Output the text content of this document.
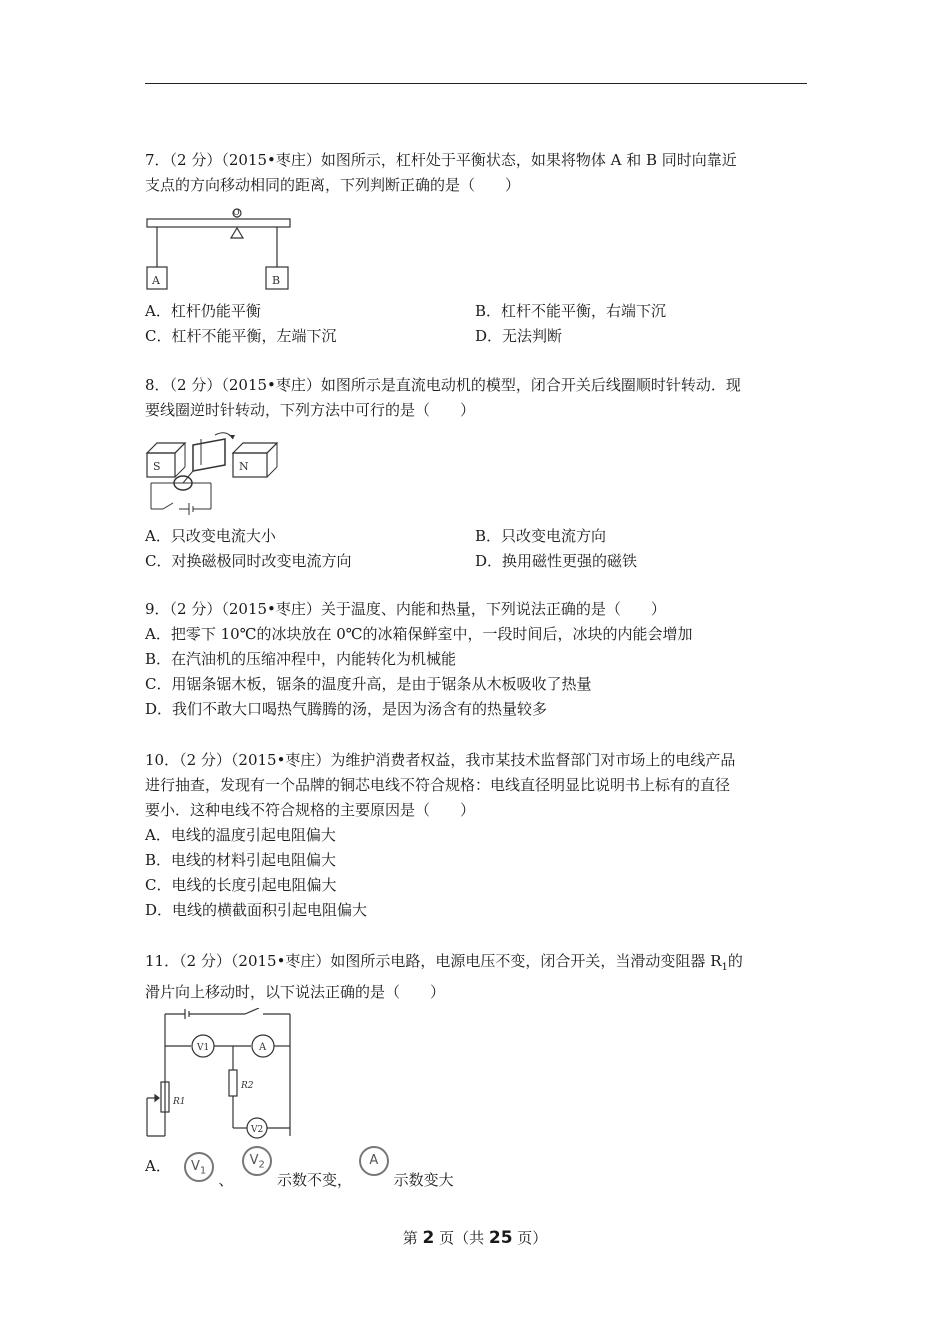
7．（2 分）（2015•枣庄）如图所示，杠杆处于平衡状态，如果将物体 A 和 B 同时向靠近
支点的方向移动相同的距离，下列判断正确的是（　　）
O
A	B
A．杠杆仍能平衡	B．杠杆不能平衡，右端下沉
C．杠杆不能平衡，左端下沉	D．无法判断
8．（2 分）（2015•枣庄）如图所示是直流电动机的模型，闭合开关后线圈顺时针转动．现
要线圈逆时针转动，下列方法中可行的是（　　）
S	N
A．只改变电流大小	B．只改变电流方向
C．对换磁极同时改变电流方向	D．换用磁性更强的磁铁
9．（2 分）（2015•枣庄）关于温度、内能和热量，下列说法正确的是（　　）
A．把零下 10℃的冰块放在 0℃的冰箱保鲜室中，一段时间后，冰块的内能会增加
B．在汽油机的压缩冲程中，内能转化为机械能
C．用锯条锯木板，锯条的温度升高，是由于锯条从木板吸收了热量
D．我们不敢大口喝热气腾腾的汤，是因为汤含有的热量较多
10．（2 分）（2015•枣庄）为维护消费者权益，我市某技术监督部门对市场上的电线产品
进行抽查，发现有一个品牌的铜芯电线不符合规格：电线直径明显比说明书上标有的直径
要小．这种电线不符合规格的主要原因是（　　）
A．电线的温度引起电阻偏大
B．电线的材料引起电阻偏大
C．电线的长度引起电阻偏大
D．电线的横截面积引起电阻偏大
11．（2 分）（2015•枣庄）如图所示电路，电源电压不变，闭合开关，当滑动变阻器 $R_1$的
滑片向上移动时，以下说法正确的是（　　）
V1	A
V2
R2
R1
A． $V_1$ 、 $V_2$ 示数不变， A 示数变大
第 2 页（共 25 页）
